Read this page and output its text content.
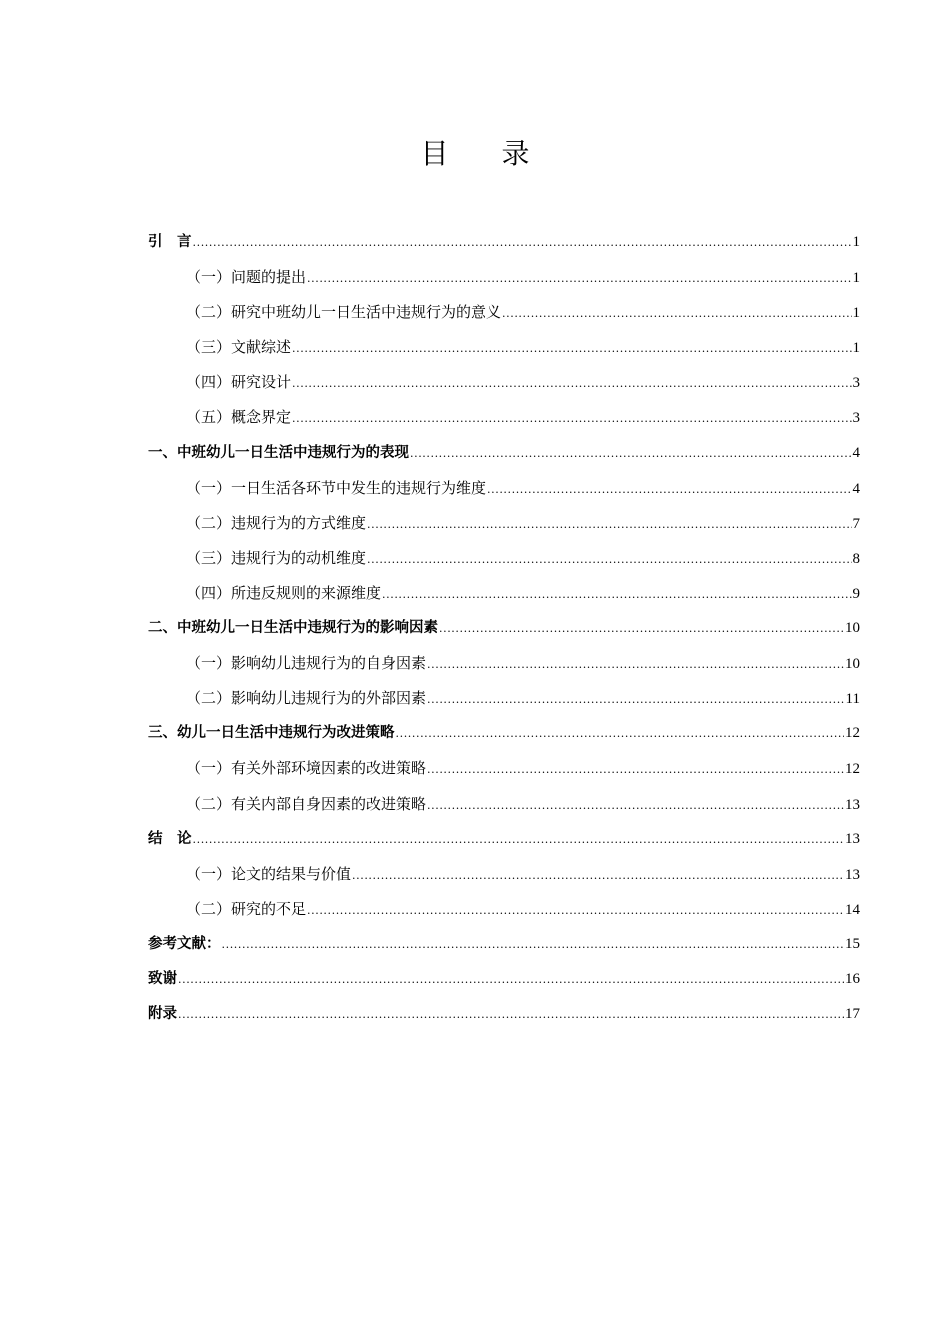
目 录
引　言 .....	1
（一） 问题的提出 .....	1
（二） 研究中班幼儿一日生活中违规行为的意义 .....	1
（三） 文献综述 .....	1
（四） 研究设计 .....	3
（五） 概念界定 .....	3
一、 中班幼儿一日生活中违规行为的表现 .....	4
（一） 一日生活各环节中发生的违规行为维度 .....	4
（二） 违规行为的方式维度 .....	7
（三） 违规行为的动机维度 .....	8
（四） 所违反规则的来源维度 .....	9
二、 中班幼儿一日生活中违规行为的影响因素 .....	10
（一） 影响幼儿违规行为的自身因素 .....	10
（二） 影响幼儿违规行为的外部因素 .....	11
三、 幼儿一日生活中违规行为改进策略 .....	12
（一） 有关外部环境因素的改进策略 .....	12
（二） 有关内部自身因素的改进策略 .....	13
结　论 .....	13
（一） 论文的结果与价值 .....	13
（二） 研究的不足 .....	14
参考文献： .....	15
致谢 .....	16
附录 .....	17
